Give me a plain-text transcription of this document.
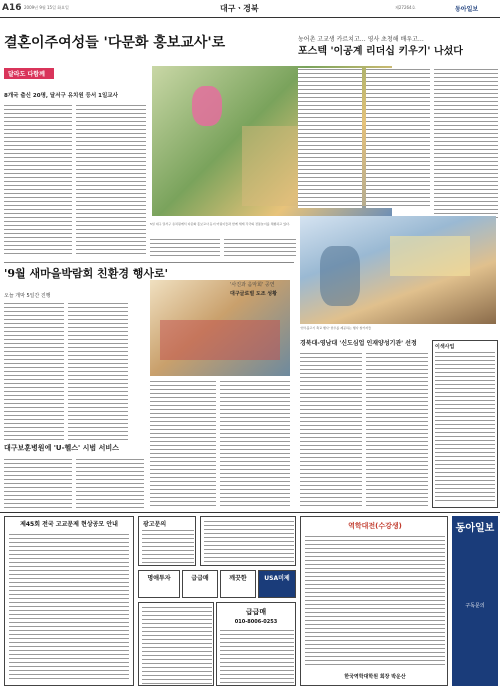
A16 2009년 9월 15일 화요일	대구ㆍ경북	제27264호	동아일보
결혼이주여성들 '다문화 홍보교사'로
달라도 다함께
8개국 출신 20명, 달서구 유치원 등서 1일교사
5일 대구 달서구 유치원에서 다문화 홍보교사 등이 어린이들과 함께 세계 각국의 전통놀이를 체험하고 있다.
농어촌 고교생 카르치고… 영사 초청해 배우고…
포스텍 '이공계 리더십 키우기' 나섰다
'한우불고기 축교 행사' 한우를 제공하는 행사 참가자들
'9월 새마을박람회 친환경 행사로'
오늘 개막 5일간 진행
'사진과 음악회' 공연
대구글로벌 도조 성황
대구보훈병원에 'U-헬스' 시범 서비스
경북대-영남대 '신도심업 인재양성기관' 선정	이색사업
제45회 전국 고교문제 현상공모 안내	광고문의
명애투자	급급매	깨끗한	USA미제
급급매
010-8006-0253
역학대전(수강생)
한국역학대학원 회장 박운산
동아일보
구독문의
